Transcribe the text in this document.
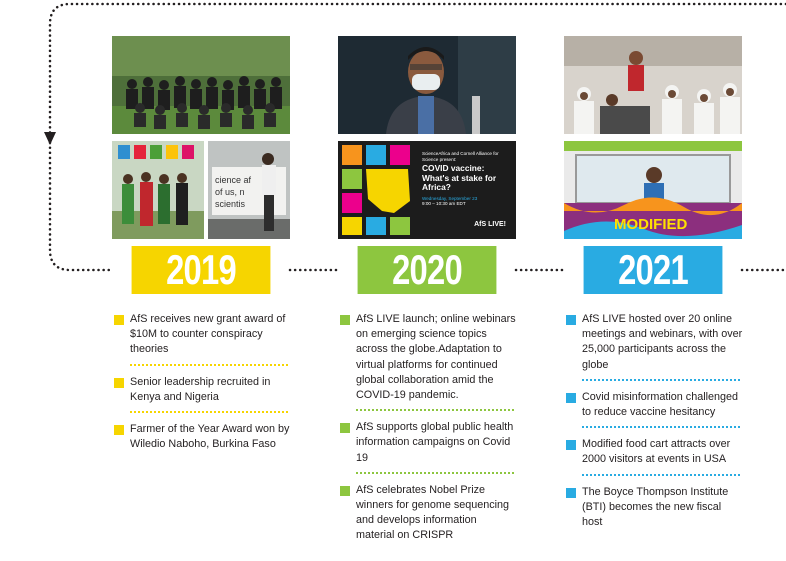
cience af
of us, n
scientis
2019
AfS receives new grant award of $10M to counter conspiracy theories
Senior leadership recruited in Kenya and Nigeria
Farmer of the Year Award won by Wiledio Naboho, Burkina Faso
ScienceAfrica and Cornell Alliance for Science present:
COVID vaccine: What's at stake for Africa?
Wednesday, September 23
9:00 – 10:30 am EDT
AfS LIVE!
2020
AfS LIVE launch; online webinars on emerging science topics across the globe.Adaptation to virtual platforms for continued global collaboration amid the COVID-19 pandemic.
AfS supports global public health information campaigns on Covid 19
AfS celebrates Nobel Prize winners for genome sequencing and develops information material on CRISPR
MODIFIED
2021
AfS LIVE hosted over 20 online meetings and webinars, with over 25,000 participants across the globe
Covid misinformation challenged to reduce vaccine hesitancy
Modified food cart attracts over 2000 visitors at events in USA
The Boyce Thompson Institute (BTI) becomes the new fiscal host
